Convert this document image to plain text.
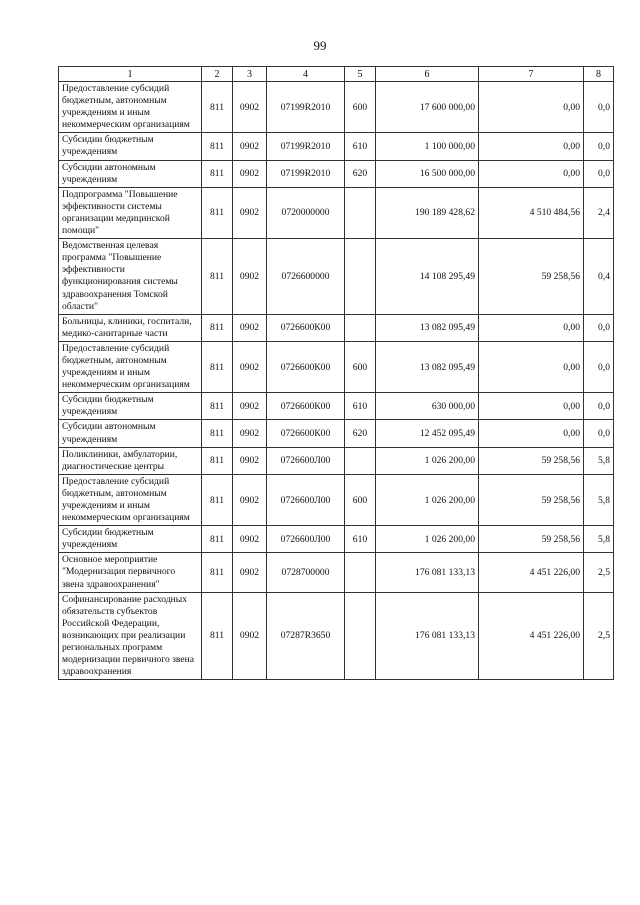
99
1	2	3	4	5	6	7	8
Предоставление субсидий бюджетным, автономным учреждениям и иным некоммерческим организациям	811	0902	07199R2010	600	17 600 000,00	0,00	0,0
Субсидии бюджетным учреждениям	811	0902	07199R2010	610	1 100 000,00	0,00	0,0
Субсидии автономным учреждениям	811	0902	07199R2010	620	16 500 000,00	0,00	0,0
Подпрограмма "Повышение эффективности системы организации медицинской помощи"	811	0902	0720000000		190 189 428,62	4 510 484,56	2,4
Ведомственная целевая программа "Повышение эффективности функционирования системы здравоохранения Томской области"	811	0902	0726600000		14 108 295,49	59 258,56	0,4
Больницы, клиники, госпитали, медико-санитарные части	811	0902	0726600К00		13 082 095,49	0,00	0,0
Предоставление субсидий бюджетным, автономным учреждениям и иным некоммерческим организациям	811	0902	0726600К00	600	13 082 095,49	0,00	0,0
Субсидии бюджетным учреждениям	811	0902	0726600К00	610	630 000,00	0,00	0,0
Субсидии автономным учреждениям	811	0902	0726600К00	620	12 452 095,49	0,00	0,0
Поликлиники, амбулатории, диагностические центры	811	0902	0726600Л00		1 026 200,00	59 258,56	5,8
Предоставление субсидий бюджетным, автономным учреждениям и иным некоммерческим организациям	811	0902	0726600Л00	600	1 026 200,00	59 258,56	5,8
Субсидии бюджетным учреждениям	811	0902	0726600Л00	610	1 026 200,00	59 258,56	5,8
Основное мероприятие "Модернизация первичного звена здравоохранения"	811	0902	0728700000		176 081 133,13	4 451 226,00	2,5
Софинансирование расходных обязательств субъектов Российской Федерации, возникающих при реализации региональных программ модернизации первичного звена здравоохранения	811	0902	07287R3650		176 081 133,13	4 451 226,00	2,5
